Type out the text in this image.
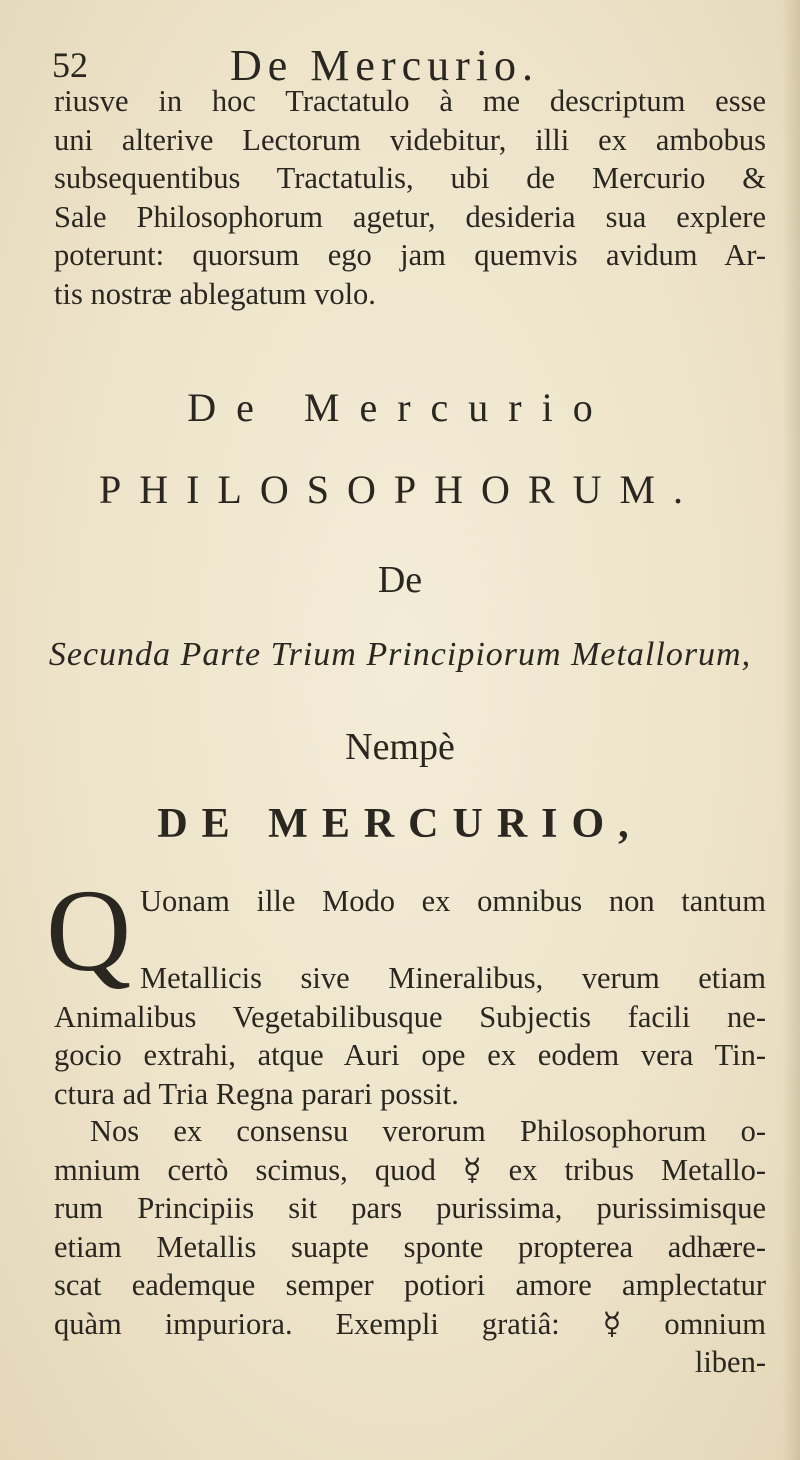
52	De Mercurio.
riusve in hoc Tractatulo à me descriptum esse
uni alterive Lectorum videbitur, illi ex ambobus
subsequentibus Tractatulis, ubi de Mercurio &
Sale Philosophorum agetur, desideria sua explere
poterunt: quorsum ego jam quemvis avidum Ar-
tis nostræ ablegatum volo.
De Mercurio
PHILOSOPHORUM.
De
Secunda Parte Trium Principiorum Metallorum,
Nempè
DE MERCURIO,
Q Uonam ille Modo ex omnibus non tantum
Metallicis sive Mineralibus, verum etiam
Animalibus Vegetabilibusque Subjectis facili ne-
gocio extrahi, atque Auri ope ex eodem vera Tin-
ctura ad Tria Regna parari possit.
Nos ex consensu verorum Philosophorum o-
mnium certò scimus, quod ☿ ex tribus Metallo-
rum Principiis sit pars purissima, purissimisque
etiam Metallis suapte sponte propterea adhære-
scat eademque semper potiori amore amplectatur
quàm impuriora. Exempli gratiâ: ☿ omnium
liben-
